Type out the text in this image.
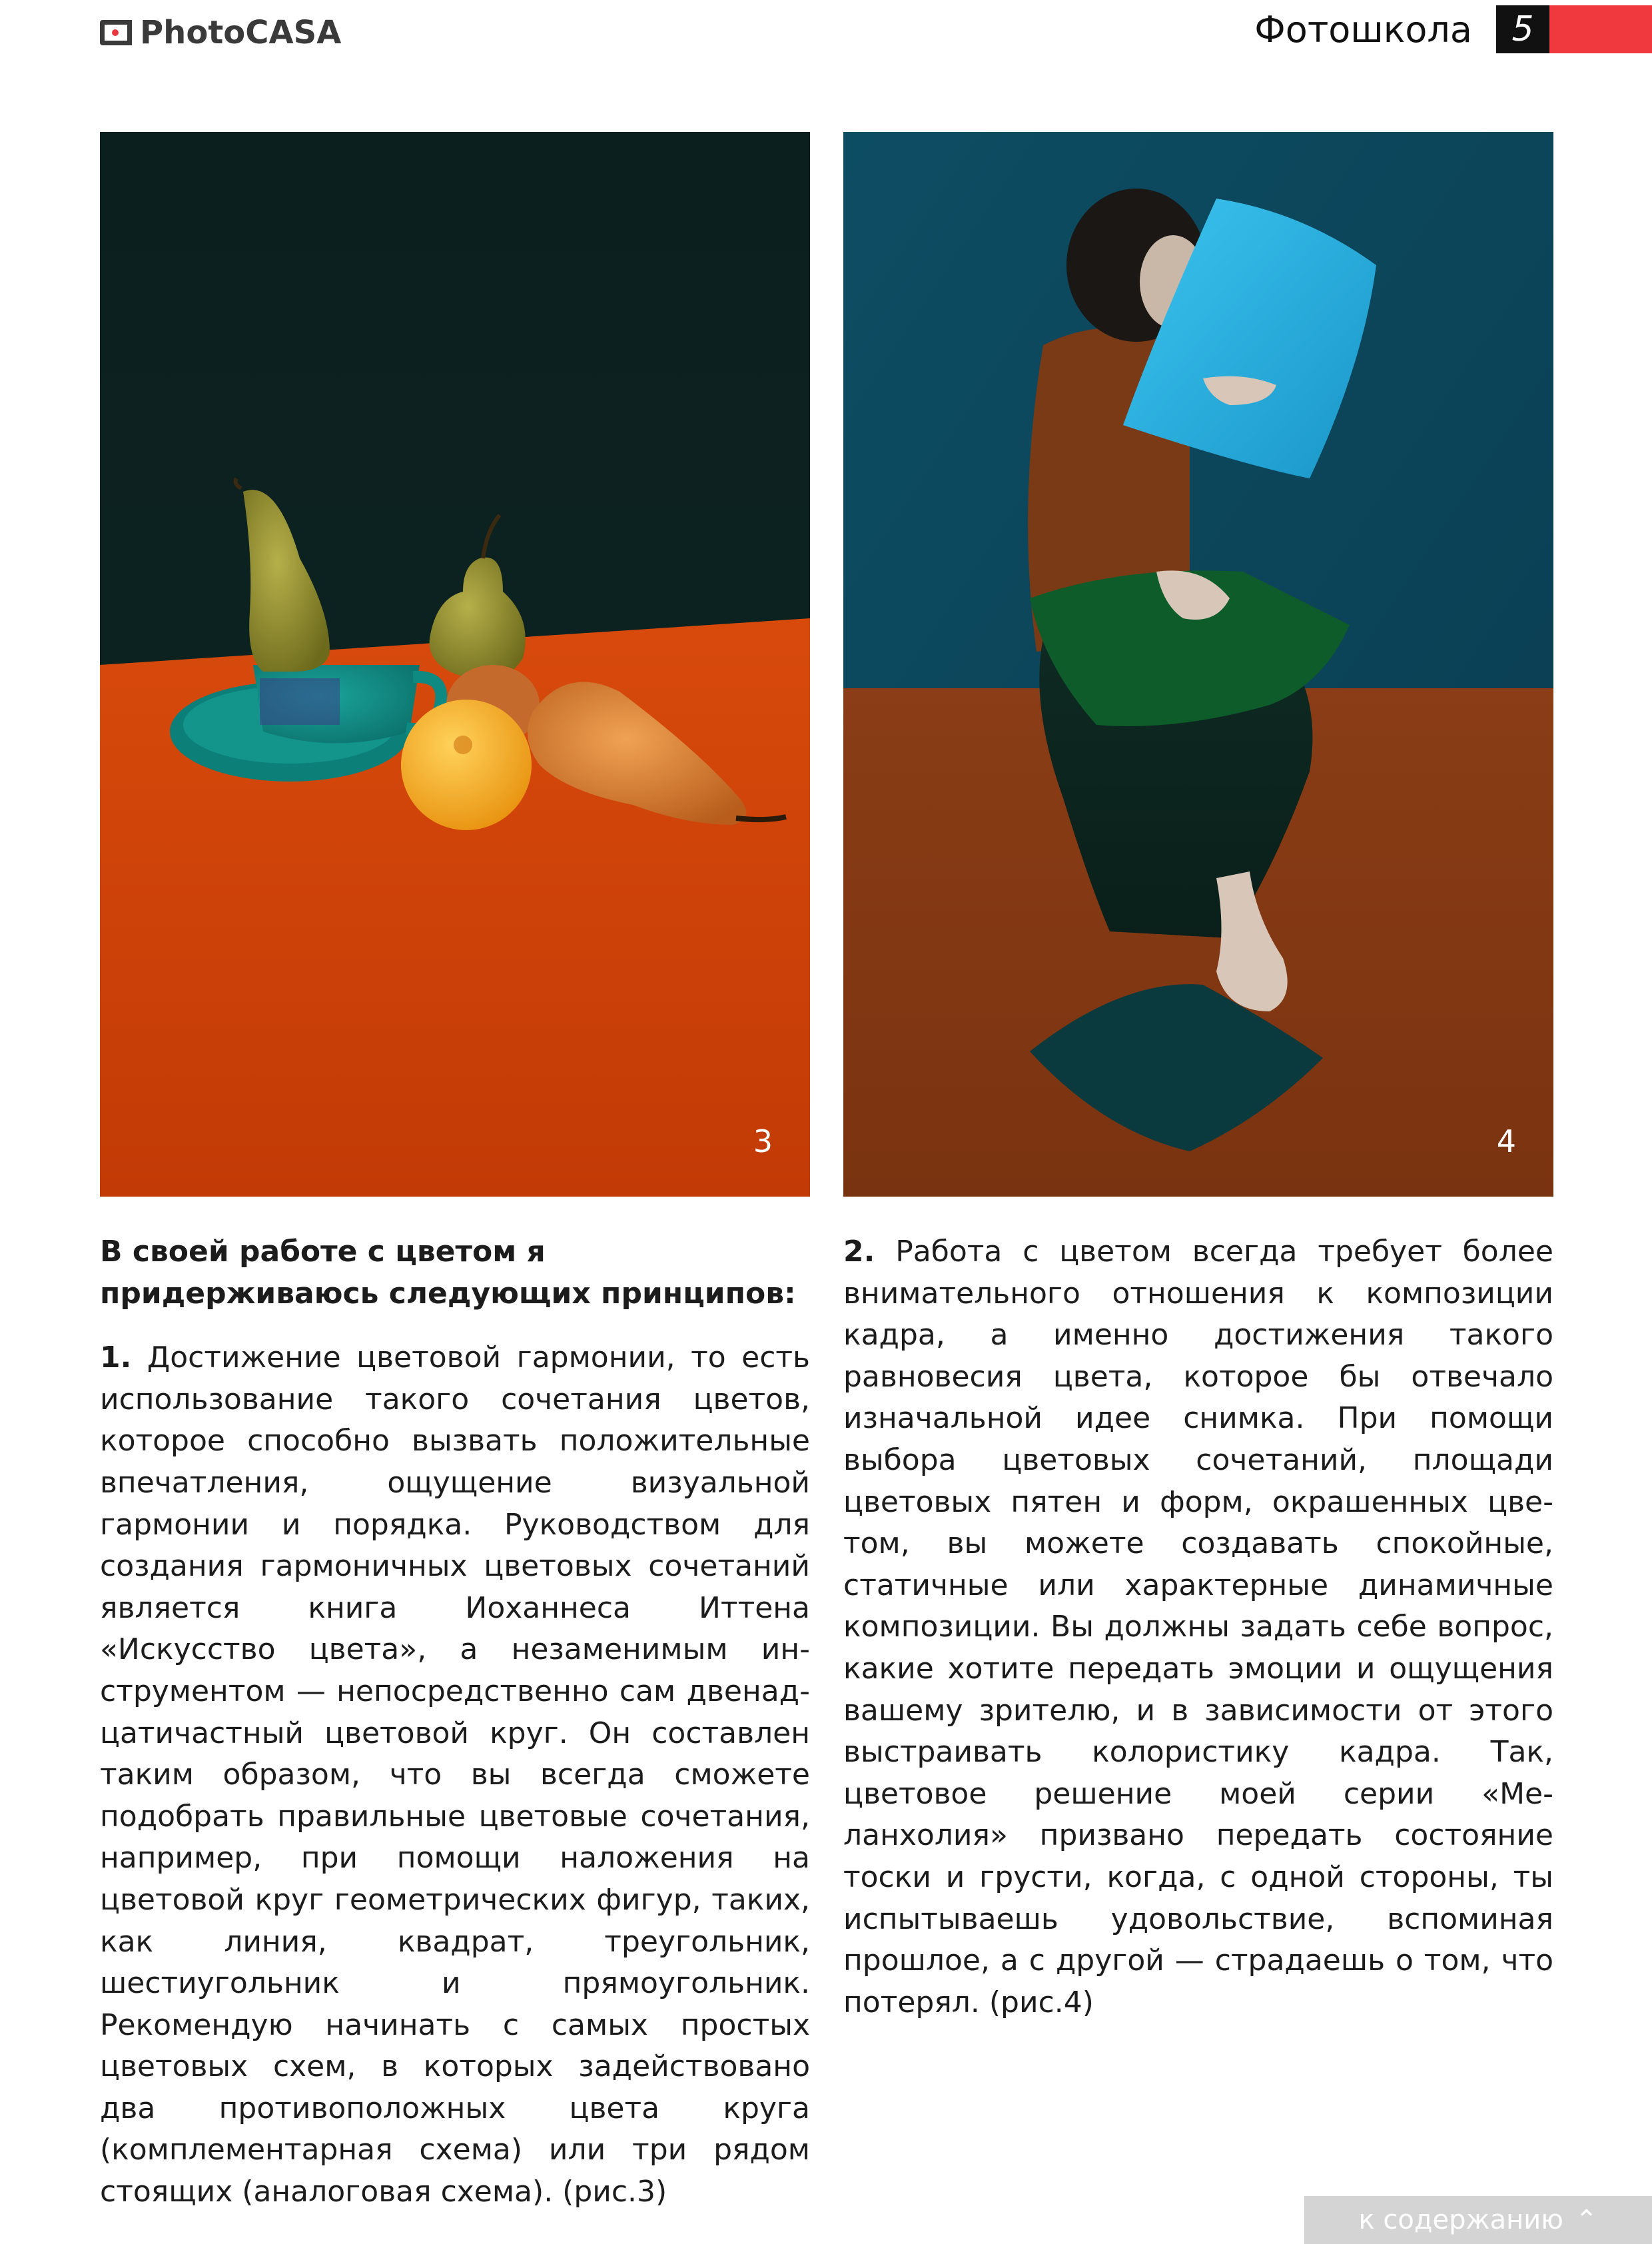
PhotoCASA	Фотошкола	5
3	4

В своей работе с цветом я придерживаюсь следующих принципов:

1. Достижение цветовой гармонии, то есть использование такого сочетания цветов, которое способно вызвать положительные впечатления, ощущение визуальной гармонии и порядка. Руководством для создания гармоничных цветовых сочетаний является книга Иоханнеса Иттена «Искусство цвета», а незаменимым инструментом — непосредственно сам двенадцатичастный цветовой круг. Он составлен таким образом, что вы всегда сможете подобрать правильные цветовые сочетания, например, при помощи наложения на цветовой круг геометрических фигур, таких, как линия, квадрат, треугольник, шестиугольник и прямоугольник. Рекомендую начинать с самых простых цветовых схем, в которых задействовано два противоположных цвета круга (комплементарная схема) или три рядом стоящих (аналоговая схема). (рис.3)

2. Работа с цветом всегда требует более внимательного отношения к композиции кадра, а именно достижения такого равновесия цвета, которое бы отвечало изначальной идее снимка. При помощи выбора цветовых сочетаний, площади цветовых пятен и форм, окрашенных цветом, вы можете создавать спокойные, статичные или характерные динамичные композиции. Вы должны задать себе вопрос, какие хотите передать эмоции и ощущения вашему зрителю, и в зависимости от этого выстраивать колористику кадра. Так, цветовое решение моей серии «Меланхолия» призвано передать состояние тоски и грусти, когда, с одной стороны, ты испытываешь удовольствие, вспоминая прошлое, а с другой — страдаешь о том, что потерял. (рис.4)

к содержанию ⌃
